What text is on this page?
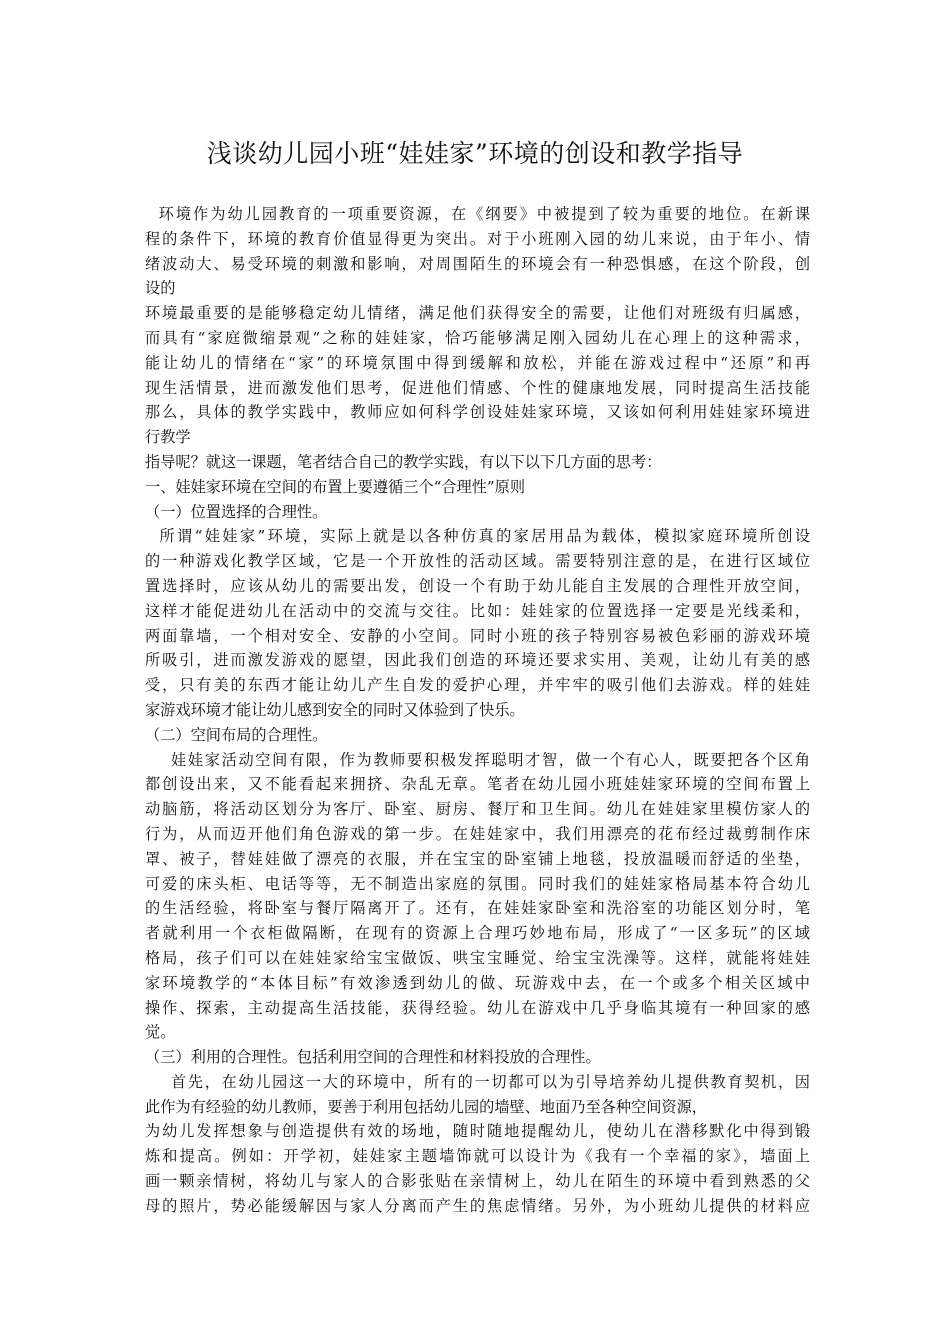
浅谈幼儿园小班“娃娃家”环境的创设和教学指导
环境作为幼儿园教育的一项重要资源，在《纲要》中被提到了较为重要的地位。在新课
程的条件下，环境的教育价值显得更为突出。对于小班刚入园的幼儿来说，由于年小、情
绪波动大、易受环境的刺激和影响，对周围陌生的环境会有一种恐惧感，在这个阶段，创
设的
环境最重要的是能够稳定幼儿情绪，满足他们获得安全的需要，让他们对班级有归属感，
而具有“家庭微缩景观”之称的娃娃家，恰巧能够满足刚入园幼儿在心理上的这种需求，
能让幼儿的情绪在“家”的环境氛围中得到缓解和放松，并能在游戏过程中“还原”和再
现生活情景，进而激发他们思考，促进他们情感、个性的健康地发展，同时提高生活技能
那么，具体的教学实践中，教师应如何科学创设娃娃家环境，又该如何利用娃娃家环境进
行教学
指导呢？就这一课题，笔者结合自己的教学实践，有以下以下几方面的思考：
一、娃娃家环境在空间的布置上要遵循三个“合理性”原则
（一）位置选择的合理性。
所谓“娃娃家”环境，实际上就是以各种仿真的家居用品为载体，模拟家庭环境所创设
的一种游戏化教学区域，它是一个开放性的活动区域。需要特别注意的是，在进行区域位
置选择时，应该从幼儿的需要出发，创设一个有助于幼儿能自主发展的合理性开放空间，
这样才能促进幼儿在活动中的交流与交往。比如：娃娃家的位置选择一定要是光线柔和，
两面靠墙，一个相对安全、安静的小空间。同时小班的孩子特别容易被色彩丽的游戏环境
所吸引，进而激发游戏的愿望，因此我们创造的环境还要求实用、美观，让幼儿有美的感
受，只有美的东西才能让幼儿产生自发的爱护心理，并牢牢的吸引他们去游戏。样的娃娃
家游戏环境才能让幼儿感到安全的同时又体验到了快乐。
（二）空间布局的合理性。
娃娃家活动空间有限，作为教师要积极发挥聪明才智，做一个有心人，既要把各个区角
都创设出来，又不能看起来拥挤、杂乱无章。笔者在幼儿园小班娃娃家环境的空间布置上
动脑筋，将活动区划分为客厅、卧室、厨房、餐厅和卫生间。幼儿在娃娃家里模仿家人的
行为，从而迈开他们角色游戏的第一步。在娃娃家中，我们用漂亮的花布经过裁剪制作床
罩、被子，替娃娃做了漂亮的衣服，并在宝宝的卧室铺上地毯，投放温暖而舒适的坐垫，
可爱的床头柜、电话等等，无不制造出家庭的氛围。同时我们的娃娃家格局基本符合幼儿
的生活经验，将卧室与餐厅隔离开了。还有，在娃娃家卧室和洗浴室的功能区划分时，笔
者就利用一个衣柜做隔断，在现有的资源上合理巧妙地布局，形成了“一区多玩”的区域
格局，孩子们可以在娃娃家给宝宝做饭、哄宝宝睡觉、给宝宝洗澡等。这样，就能将娃娃
家环境教学的“本体目标”有效渗透到幼儿的做、玩游戏中去，在一个或多个相关区域中
操作、探索，主动提高生活技能，获得经验。幼儿在游戏中几乎身临其境有一种回家的感
觉。
（三）利用的合理性。包括利用空间的合理性和材料投放的合理性。
首先，在幼儿园这一大的环境中，所有的一切都可以为引导培养幼儿提供教育契机，因
此作为有经验的幼儿教师，要善于利用包括幼儿园的墙壁、地面乃至各种空间资源，
为幼儿发挥想象与创造提供有效的场地，随时随地提醒幼儿，使幼儿在潜移默化中得到锻
炼和提高。例如：开学初，娃娃家主题墙饰就可以设计为《我有一个幸福的家》，墙面上
画一颗亲情树，将幼儿与家人的合影张贴在亲情树上，幼儿在陌生的环境中看到熟悉的父
母的照片，势必能缓解因与家人分离而产生的焦虑情绪。另外，为小班幼儿提供的材料应
